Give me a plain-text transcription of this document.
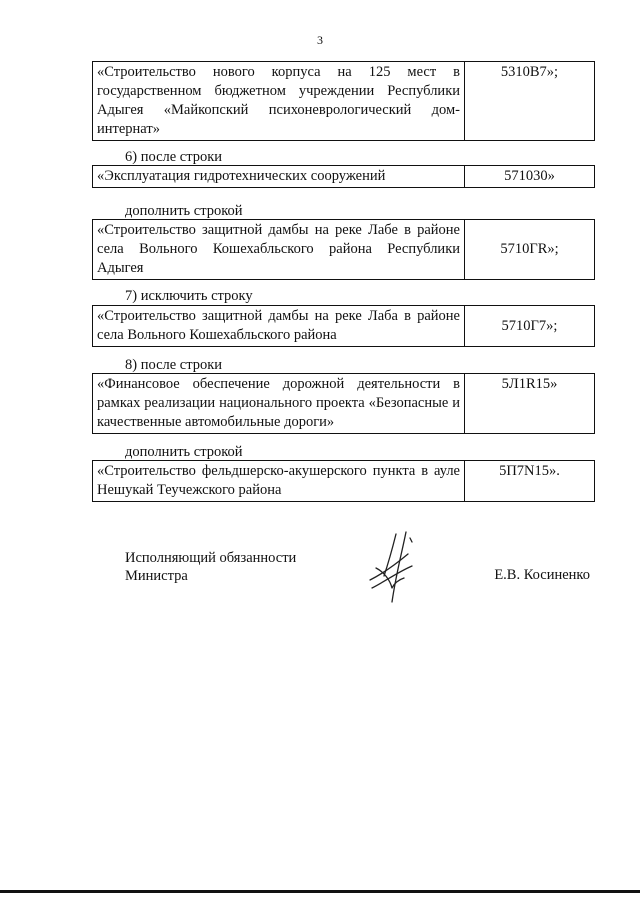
3
«Строительство нового корпуса на 125 мест в государственном бюджетном учреждении Республики Адыгея «Майкопский психоневрологический дом-интернат»	5310В7»;
6) после строки
«Эксплуатация гидротехнических сооружений	571030»
дополнить строкой
«Строительство защитной дамбы на реке Лабе в районе села Вольного Кошехабльского района Республики Адыгея	5710ГR»;
7) исключить строку
«Строительство защитной дамбы на реке Лаба в районе села Вольного Кошехабльского района	5710Г7»;
8) после строки
«Финансовое обеспечение дорожной деятельности в рамках реализации национального проекта «Безопасные и качественные автомобильные дороги»	5Л1R15»
дополнить строкой
«Строительство фельдшерско-акушерского пункта в ауле Нешукай Теучежского района	5П7N15».
Исполняющий обязанности
Министра	Е.В. Косиненко
